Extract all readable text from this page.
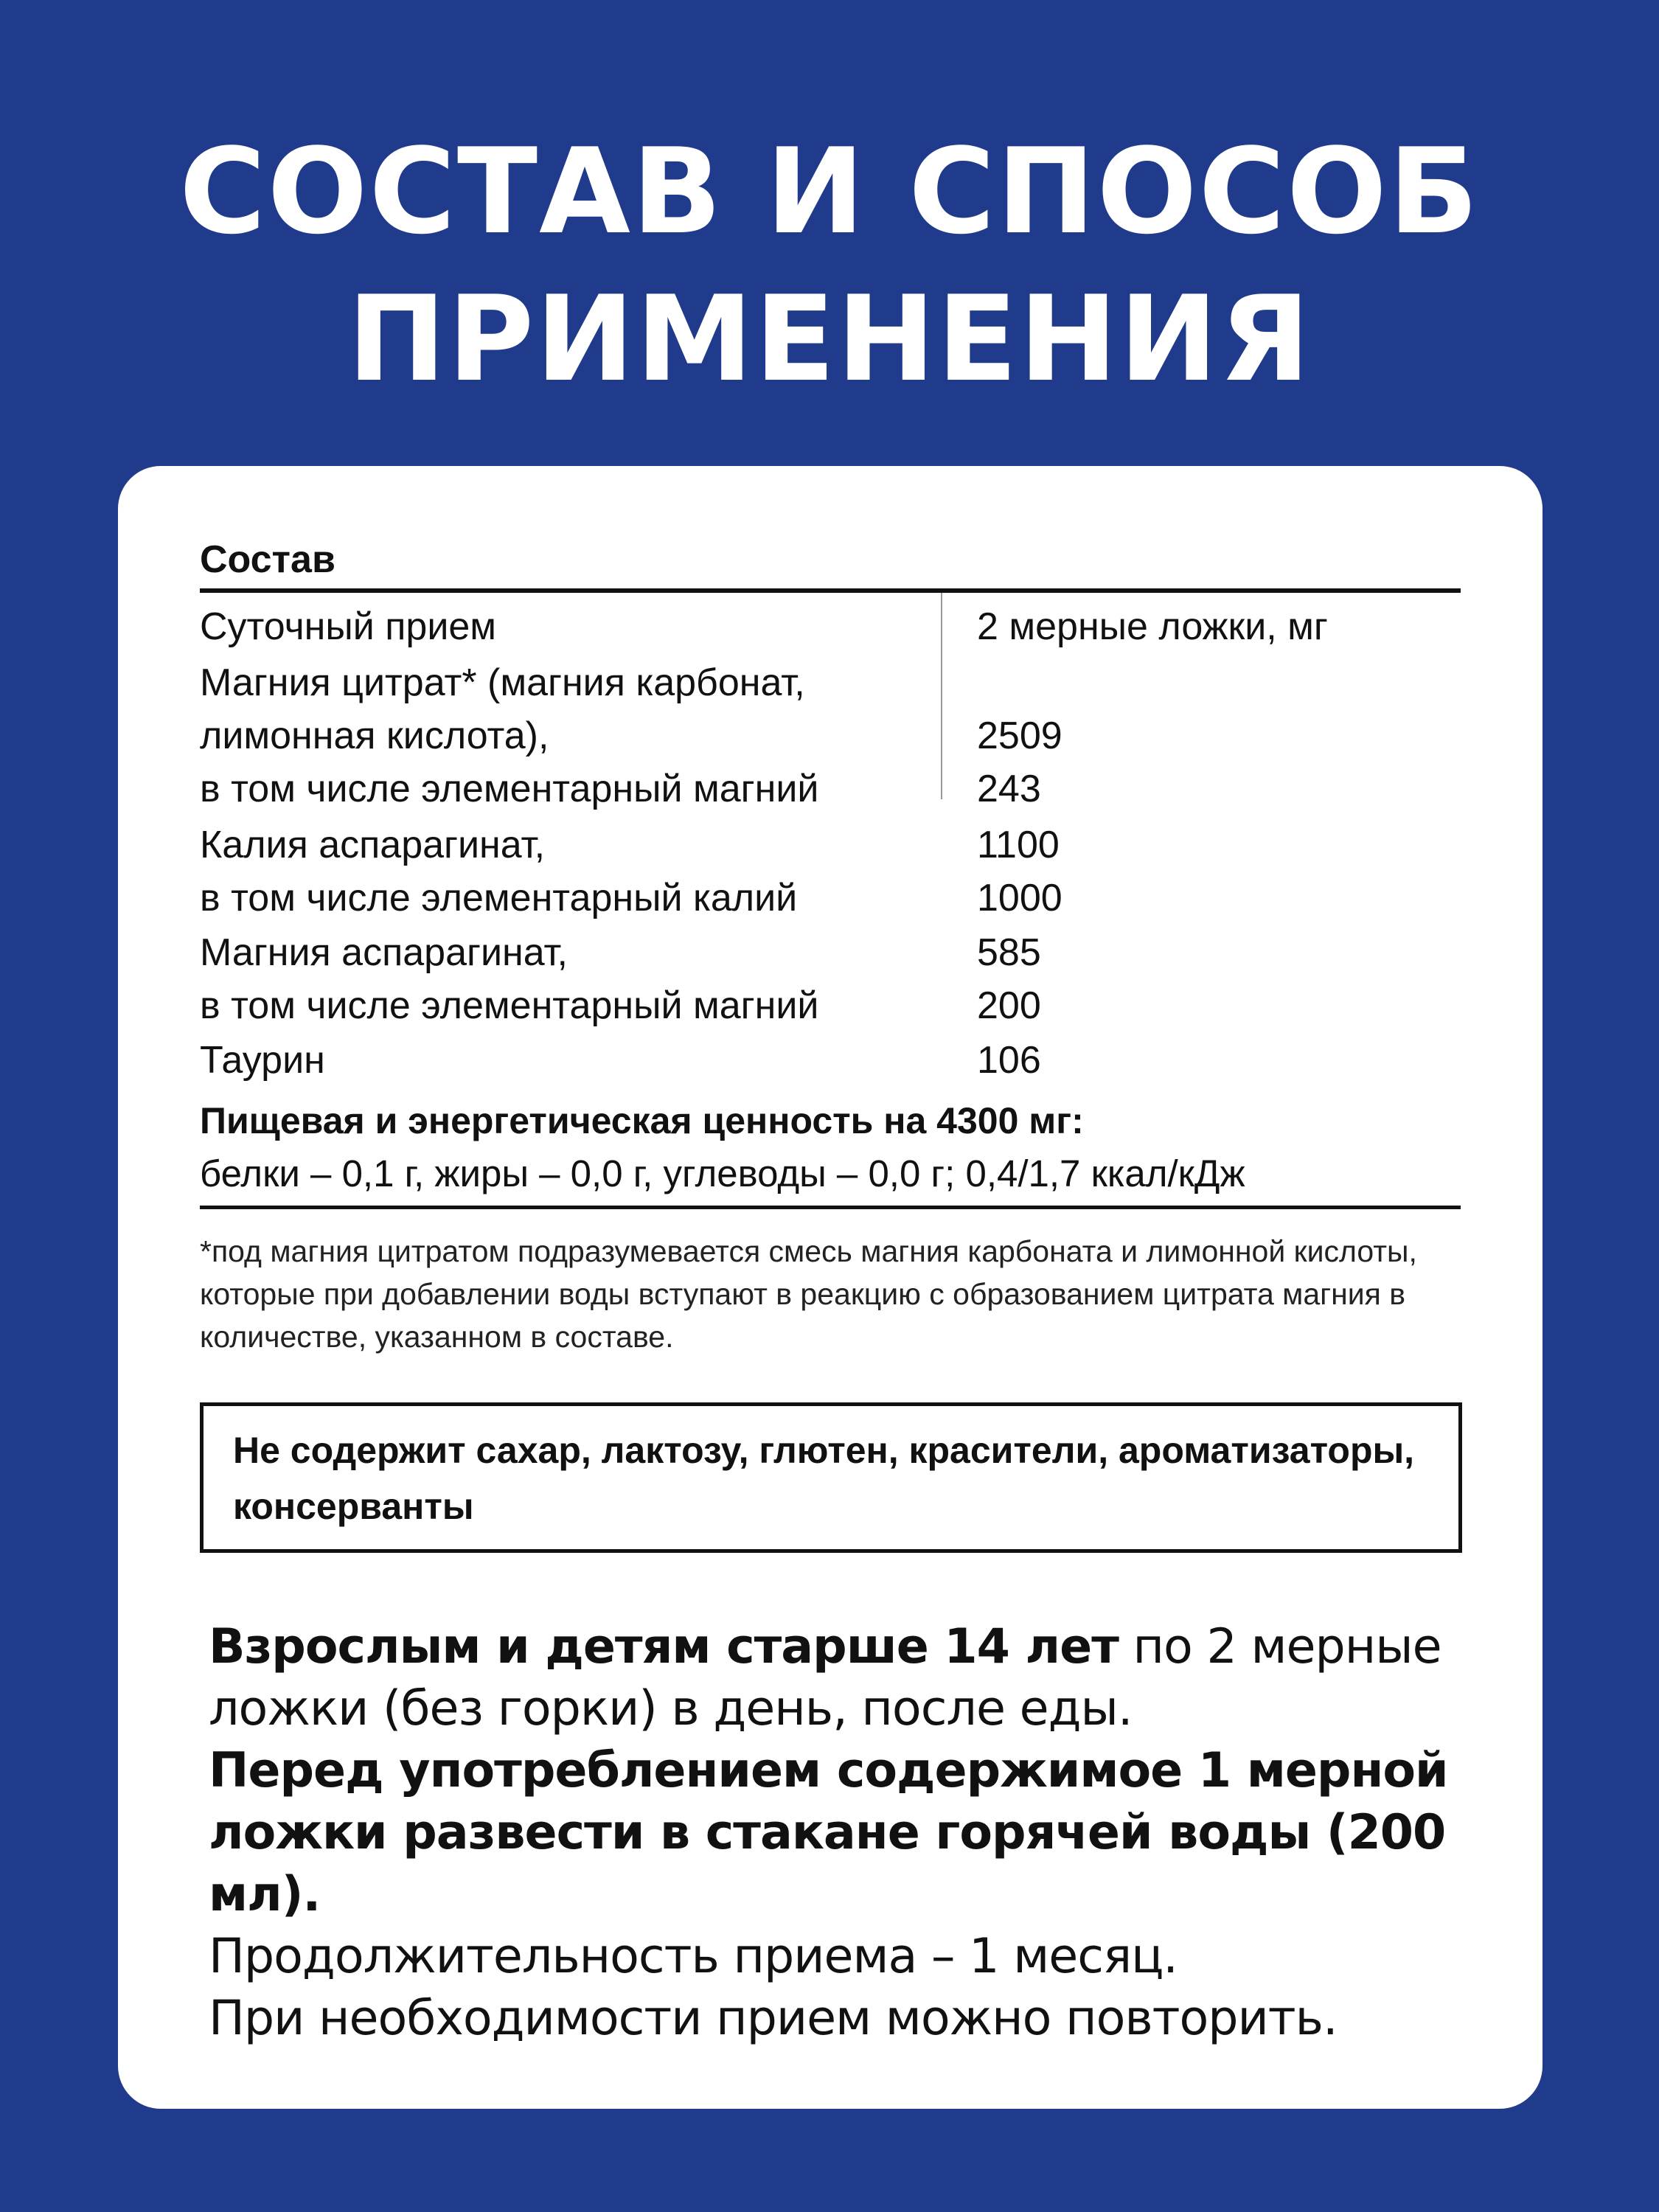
СОСТАВ И СПОСОБ
ПРИМЕНЕНИЯ
Состав
Суточный прием	2 мерные ложки, мг
Магния цитрат* (магния карбонат,
лимонная кислота),	2509
в том числе элементарный магний	243
Калия аспарагинат,	1100
в том числе элементарный калий	1000
Магния аспарагинат,	585
в том числе элементарный магний	200
Таурин	106
Пищевая и энергетическая ценность на 4300 мг:
белки – 0,1 г, жиры – 0,0 г, углеводы – 0,0 г; 0,4/1,7 ккал/кДж
*под магния цитратом подразумевается смесь магния карбоната и лимонной кислоты, которые при добавлении воды вступают в реакцию с образованием цитрата магния в количестве, указанном в составе.
Не содержит сахар, лактозу, глютен, красители, ароматизаторы, консерванты

Взрослым и детям старше 14 лет по 2 мерные ложки (без горки) в день, после еды.

Перед употреблением содержимое 1 мерной ложки развести в стакане горячей воды (200 мл).

Продолжительность приема – 1 месяц.

При необходимости прием можно повторить.
